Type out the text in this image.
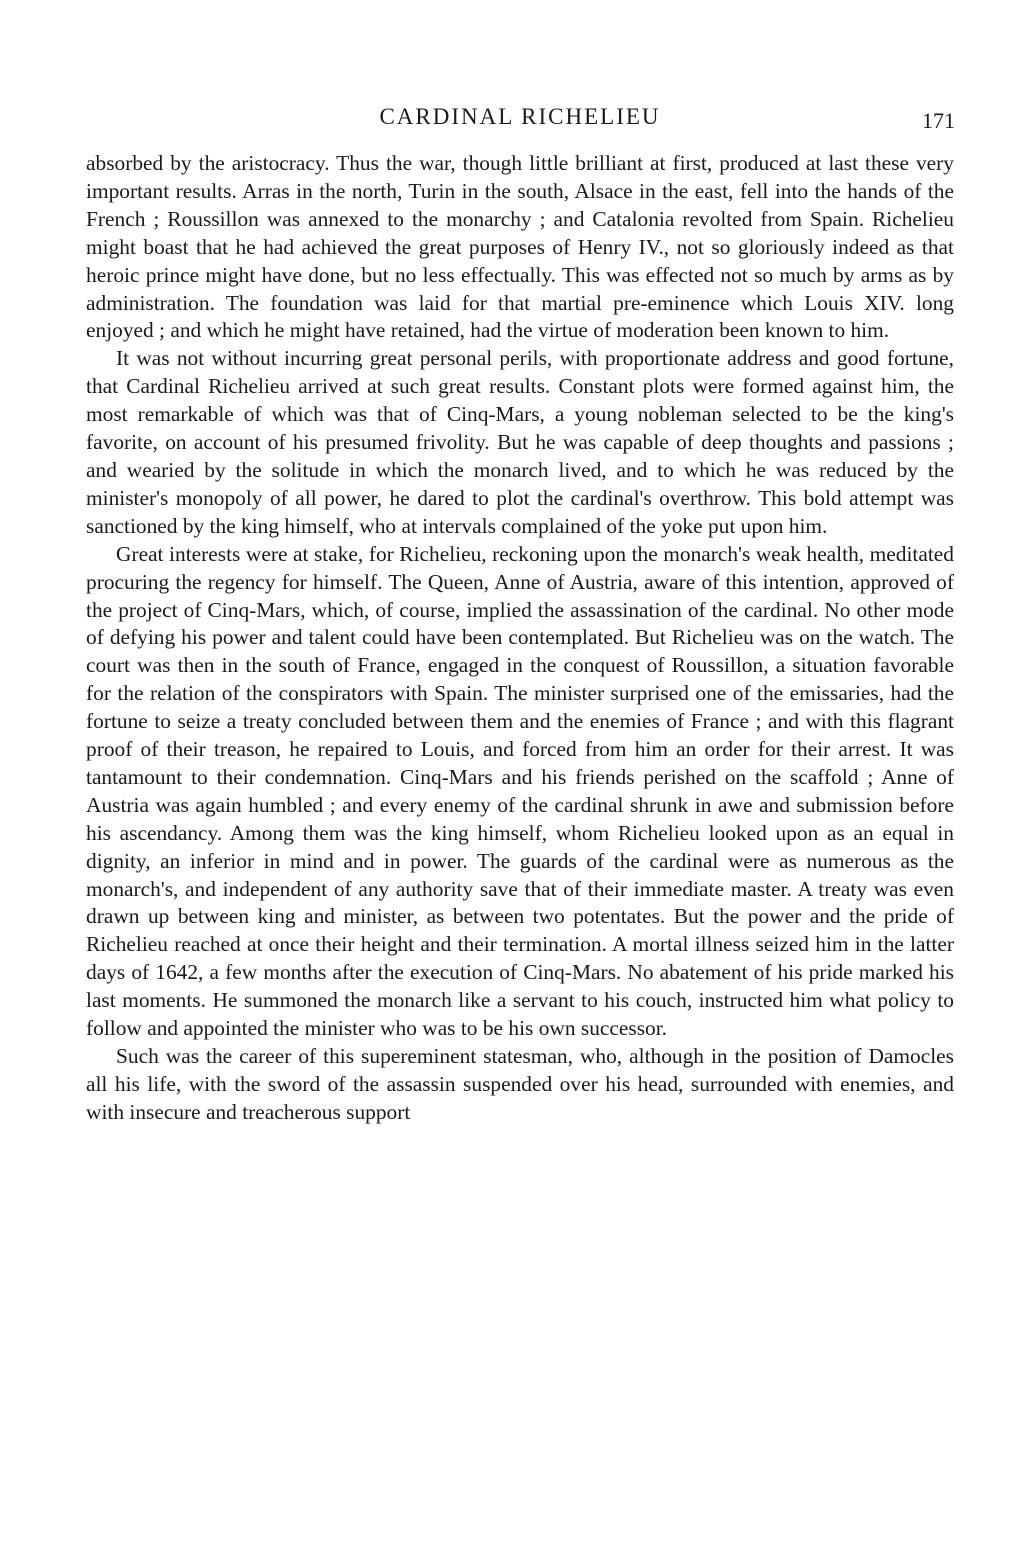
CARDINAL RICHELIEU	171

absorbed by the aristocracy. Thus the war, though little brilliant at first, produced at last these very important results. Arras in the north, Turin in the south, Alsace in the east, fell into the hands of the French ; Roussillon was annexed to the monarchy ; and Catalonia revolted from Spain. Richelieu might boast that he had achieved the great purposes of Henry IV., not so gloriously indeed as that heroic prince might have done, but no less effectually. This was effected not so much by arms as by administration. The foundation was laid for that martial pre-eminence which Louis XIV. long enjoyed ; and which he might have retained, had the virtue of moderation been known to him.

It was not without incurring great personal perils, with proportionate address and good fortune, that Cardinal Richelieu arrived at such great results. Constant plots were formed against him, the most remarkable of which was that of Cinq-Mars, a young nobleman selected to be the king's favorite, on account of his presumed frivolity. But he was capable of deep thoughts and passions ; and wearied by the solitude in which the monarch lived, and to which he was reduced by the minister's monopoly of all power, he dared to plot the cardinal's overthrow. This bold attempt was sanctioned by the king himself, who at intervals complained of the yoke put upon him.

Great interests were at stake, for Richelieu, reckoning upon the monarch's weak health, meditated procuring the regency for himself. The Queen, Anne of Austria, aware of this intention, approved of the project of Cinq-Mars, which, of course, implied the assassination of the cardinal. No other mode of defying his power and talent could have been contemplated. But Richelieu was on the watch. The court was then in the south of France, engaged in the conquest of Roussillon, a situation favorable for the relation of the conspirators with Spain. The minister surprised one of the emissaries, had the fortune to seize a treaty concluded between them and the enemies of France ; and with this flagrant proof of their treason, he repaired to Louis, and forced from him an order for their arrest. It was tantamount to their condemnation. Cinq-Mars and his friends perished on the scaffold ; Anne of Austria was again humbled ; and every enemy of the cardinal shrunk in awe and submission before his ascendancy. Among them was the king himself, whom Richelieu looked upon as an equal in dignity, an inferior in mind and in power. The guards of the cardinal were as numerous as the monarch's, and independent of any authority save that of their immediate master. A treaty was even drawn up between king and minister, as between two potentates. But the power and the pride of Richelieu reached at once their height and their termination. A mortal illness seized him in the latter days of 1642, a few months after the execution of Cinq-Mars. No abatement of his pride marked his last moments. He summoned the monarch like a servant to his couch, instructed him what policy to follow and appointed the minister who was to be his own successor.

Such was the career of this supereminent statesman, who, although in the position of Damocles all his life, with the sword of the assassin suspended over his head, surrounded with enemies, and with insecure and treacherous support
